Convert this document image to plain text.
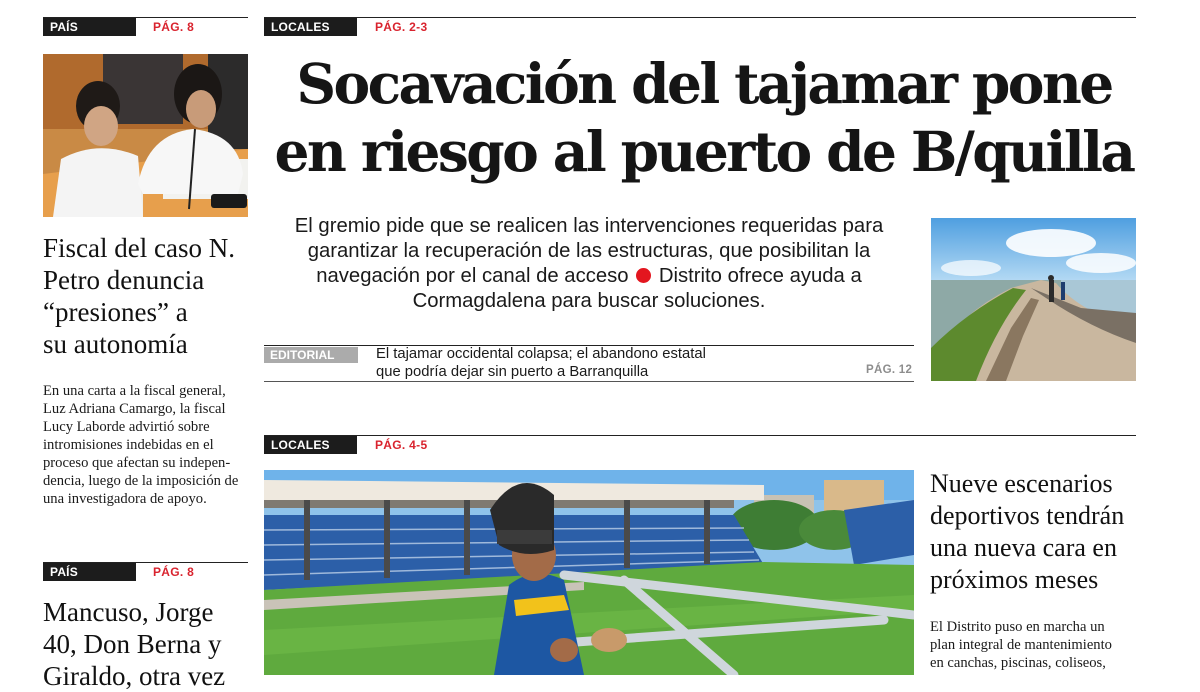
PAÍS	PÁG. 8
Fiscal del caso N.
Petro denuncia
“presiones” a
su autonomía

En una carta a la fiscal general,
Luz Adriana Camargo, la fiscal
Lucy Laborde advirtió sobre
intromisiones indebidas en el
proceso que afectan su indepen-
dencia, luego de la imposición de
una investigadora de apoyo.

PAÍS	PÁG. 8
Mancuso, Jorge
40, Don Berna y
Giraldo, otra vez
LOCALES	PÁG. 2-3
Socavación del tajamar pone
en riesgo al puerto de B/quilla

El gremio pide que se realicen las intervenciones requeridas para garantizar la recuperación de las estructuras, que posibilitan la navegación por el canal de acceso Distrito ofrece ayuda a Cormagdalena para buscar soluciones.

EDITORIAL	El tajamar occidental colapsa; el abandono estatal
que podría dejar sin puerto a Barranquilla	PÁG. 12
LOCALES	PÁG. 4-5
Nueve escenarios
deportivos tendrán
una nueva cara en
próximos meses

El Distrito puso en marcha un
plan integral de mantenimiento
en canchas, piscinas, coliseos,
